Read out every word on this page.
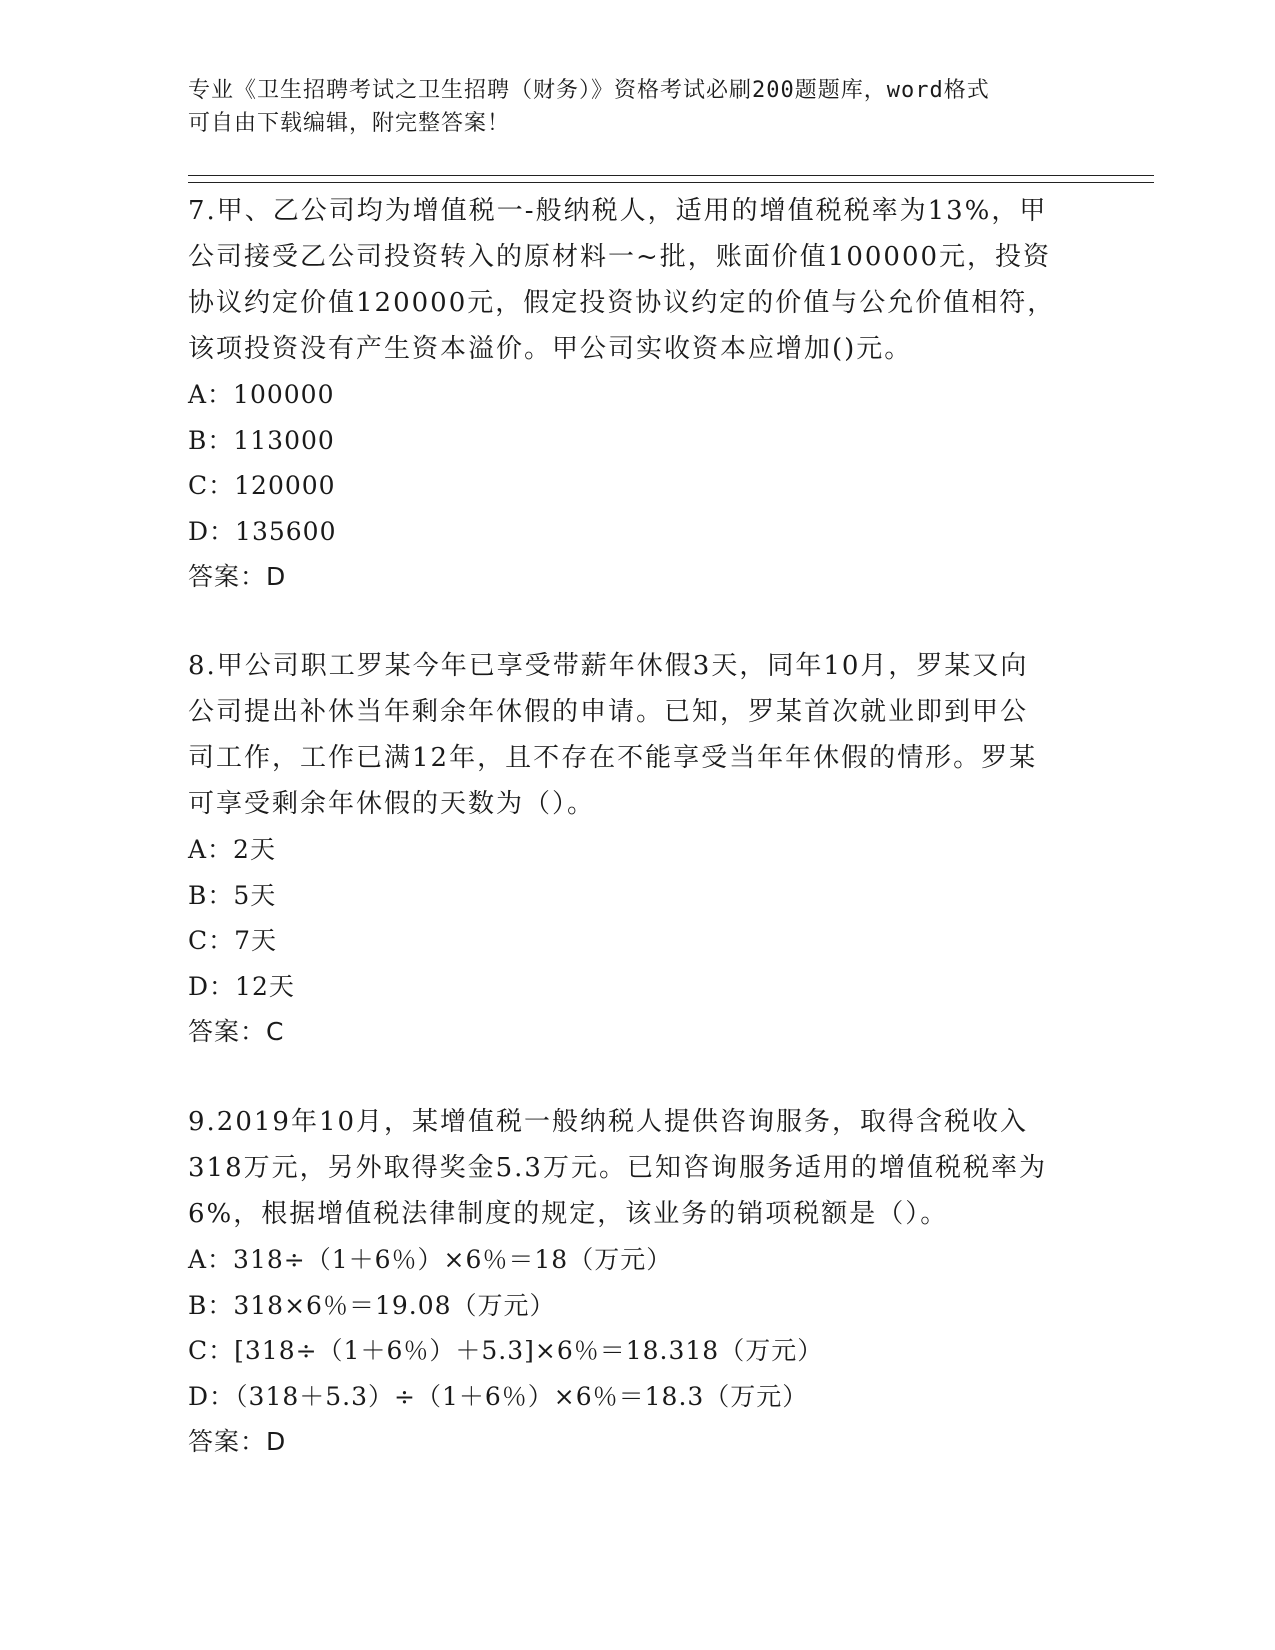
专业《卫生招聘考试之卫生招聘（财务）》资格考试必刷200题题库，word格式
可自由下载编辑，附完整答案！
7.甲、乙公司均为增值税一-般纳税人，适用的增值税税率为13%，甲
公司接受乙公司投资转入的原材料一~批，账面价值100000元，投资
协议约定价值120000元，假定投资协议约定的价值与公允价值相符，
该项投资没有产生资本溢价。甲公司实收资本应增加()元。
A：100000
B：113000
C：120000
D：135600
答案：D
8.甲公司职工罗某今年已享受带薪年休假3天，同年10月，罗某又向
公司提出补休当年剩余年休假的申请。已知，罗某首次就业即到甲公
司工作，工作已满12年，且不存在不能享受当年年休假的情形。罗某
可享受剩余年休假的天数为（）。
A：2天
B：5天
C：7天
D：12天
答案：C
9.2019年10月，某增值税一般纳税人提供咨询服务，取得含税收入
318万元，另外取得奖金5.3万元。已知咨询服务适用的增值税税率为
6%，根据增值税法律制度的规定，该业务的销项税额是（）。
A：318÷（1＋6％）×6％＝18（万元）
B：318×6％＝19.08（万元）
C：[318÷（1＋6％）＋5.3]×6％＝18.318（万元）
D：（318＋5.3）÷（1＋6％）×6％＝18.3（万元）
答案：D
